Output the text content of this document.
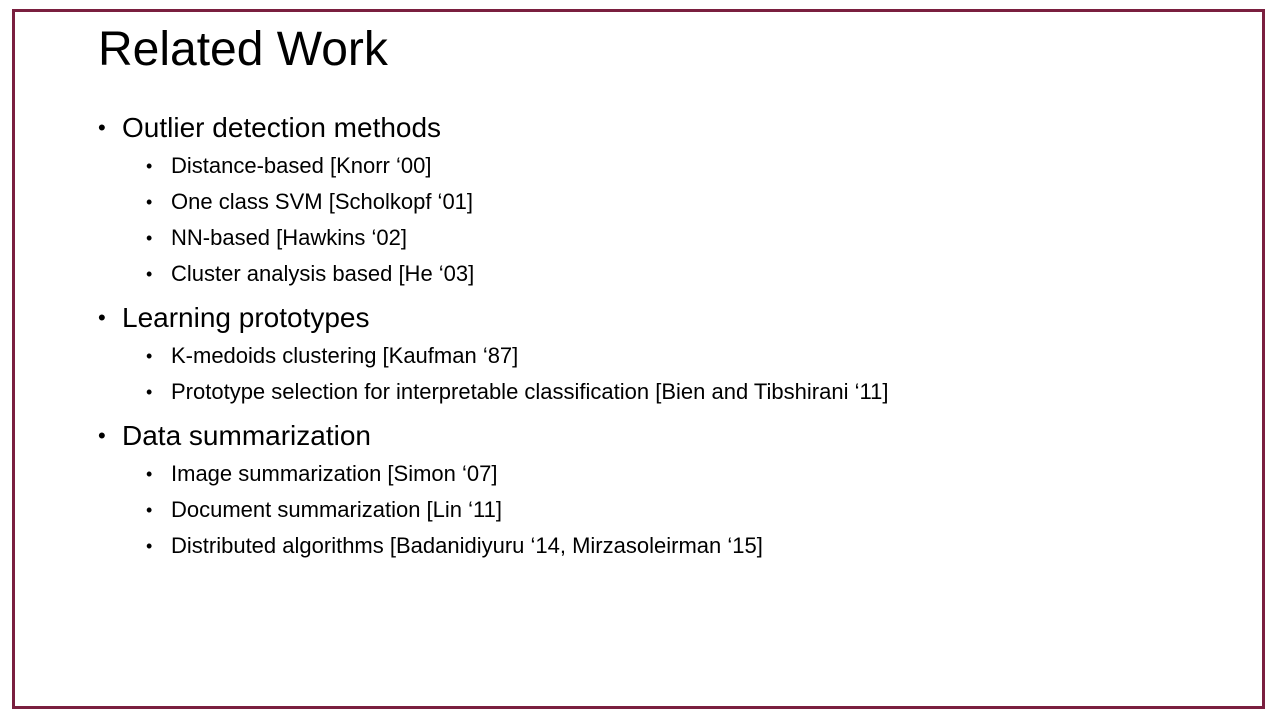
Related Work
• Outlier detection methods
• Distance-based [Knorr ‘00]
• One class SVM [Scholkopf ‘01]
• NN-based [Hawkins ‘02]
• Cluster analysis based [He ‘03]
• Learning prototypes
• K-medoids clustering [Kaufman ‘87]
• Prototype selection for interpretable classification [Bien and Tibshirani ‘11]
• Data summarization
• Image summarization [Simon ‘07]
• Document summarization [Lin ‘11]
• Distributed algorithms [Badanidiyuru ‘14, Mirzasoleirman ‘15]
